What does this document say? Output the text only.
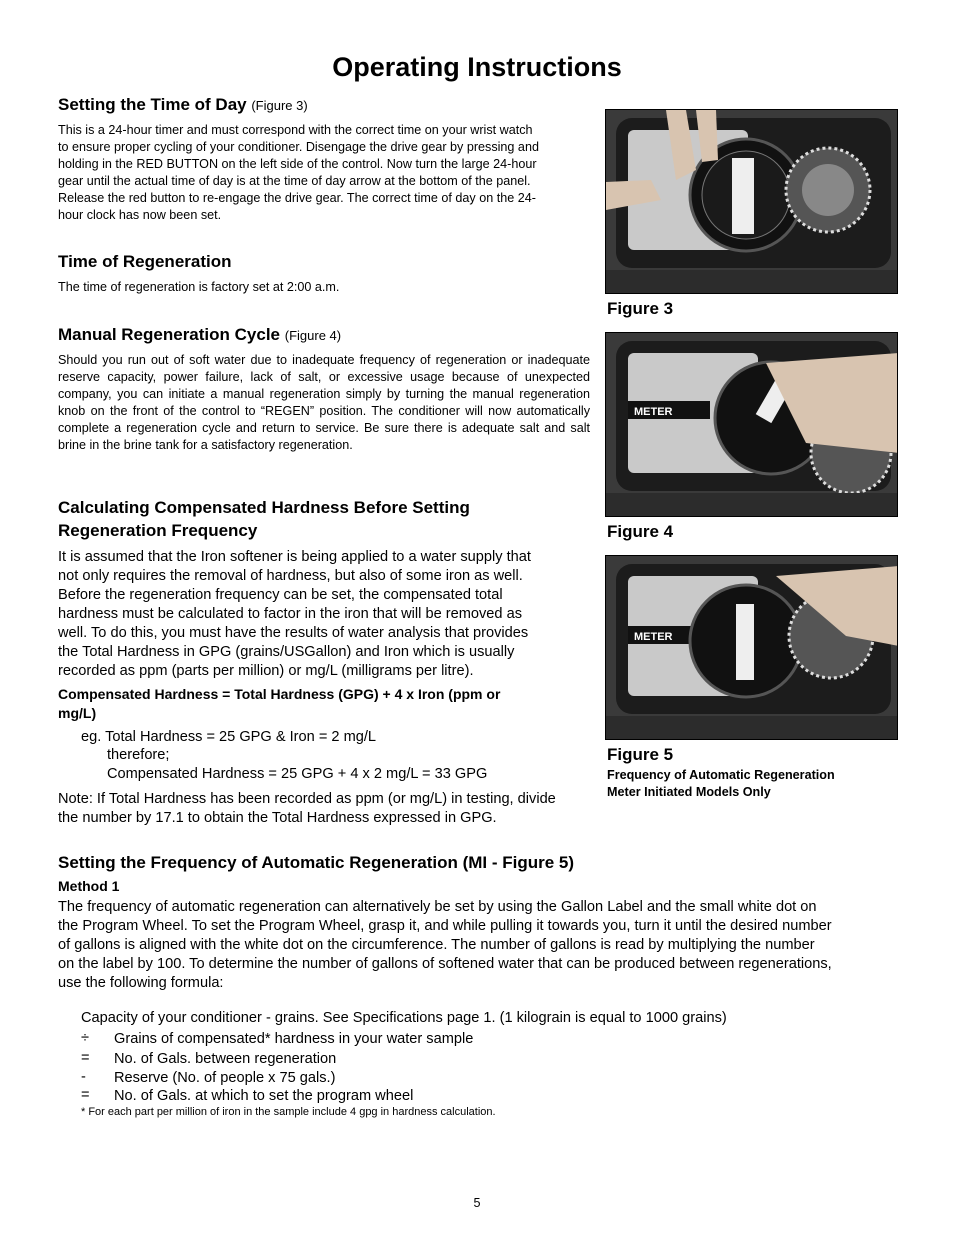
Operating Instructions
Setting the Time of Day (Figure 3)
This is a 24-hour timer and must correspond with the correct time on your wrist watch
to ensure proper cycling of your conditioner. Disengage the drive gear by pressing and
holding in the RED BUTTON on the left side of the control. Now turn the large 24-hour
gear until the actual time of day is at the time of day arrow at the bottom of the panel.
Release the red button to re-engage the drive gear. The correct time of day on the 24-
hour clock has now been set.
Time of Regeneration
The time of regeneration is factory set at 2:00 a.m.
Manual Regeneration Cycle (Figure 4)
Should you run out of soft water due to inadequate frequency of regeneration or inadequate reserve capacity, power failure, lack of salt, or excessive usage because of unexpected company, you can initiate a manual regeneration simply by turning the manual regeneration knob on the front of the control to “REGEN” position. The conditioner will now automatically complete a regeneration cycle and return to service. Be sure there is adequate salt and salt brine in the brine tank for a satisfactory regeneration.
Calculating Compensated Hardness Before Setting
Regeneration Frequency
It is assumed that the Iron softener is being applied to a water supply that
not only requires the removal of hardness, but also of some iron as well.
Before the regeneration frequency can be set, the compensated total
hardness must be calculated to factor in the iron that will be removed as
well. To do this, you must have the results of water analysis that provides
the Total Hardness in GPG (grains/USGallon) and Iron which is usually
recorded as ppm (parts per million) or mg/L (milligrams per litre).
Compensated Hardness = Total Hardness (GPG) + 4 x Iron (ppm or
mg/L)
eg. Total Hardness = 25 GPG & Iron = 2 mg/L
therefore;
Compensated Hardness = 25 GPG + 4 x 2 mg/L = 33 GPG
Note: If Total Hardness has been recorded as ppm (or mg/L) in testing, divide
the number by 17.1 to obtain the Total Hardness expressed in GPG.
Figure 3
METER
Figure 4
METER
Figure 5
Frequency of Automatic Regeneration
Meter Initiated Models Only
Setting the Frequency of Automatic Regeneration (MI - Figure 5)
Method 1
The frequency of automatic regeneration can alternatively be set by using the Gallon Label and the small white dot on
the Program Wheel. To set the Program Wheel, grasp it, and while pulling it towards you, turn it until the desired number
of gallons is aligned with the white dot on the circumference. The number of gallons is read by multiplying the number
on the label by 100. To determine the number of gallons of softened water that can be produced between regenerations,
use the following formula:
Capacity of your conditioner - grains. See Specifications page 1. (1 kilograin is equal to 1000 grains)
÷ Grains of compensated* hardness in your water sample
= No. of Gals. between regeneration
- Reserve (No. of people x 75 gals.)
= No. of Gals. at which to set the program wheel
* For each part per million of iron in the sample include 4 gpg in hardness calculation.
5
